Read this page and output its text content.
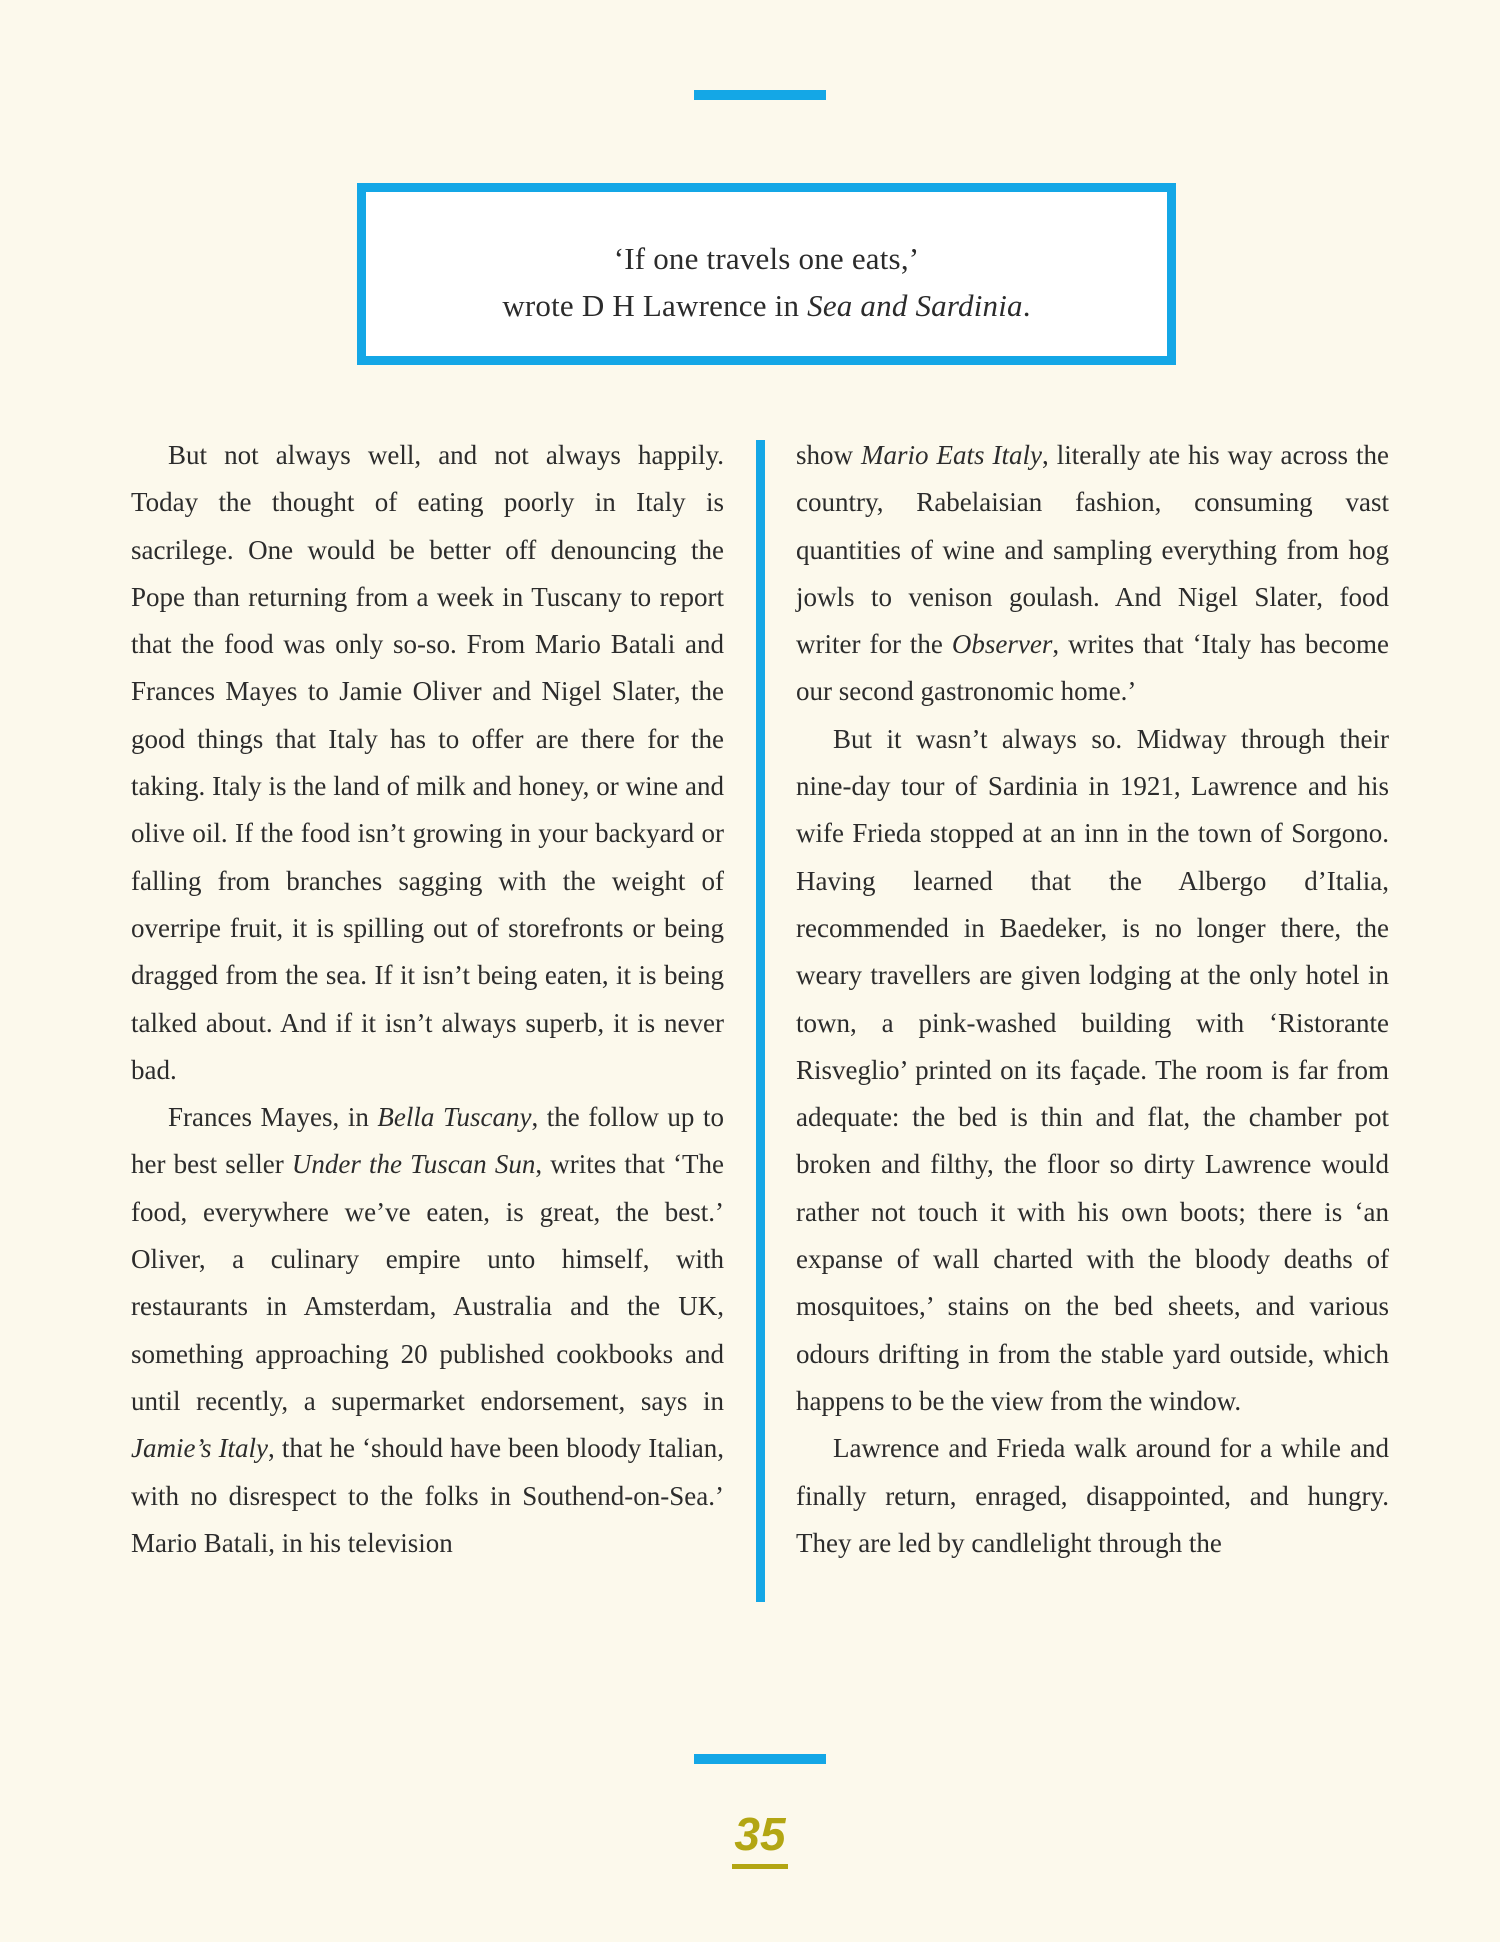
‘If one travels one eats,’
wrote D H Lawrence in Sea and Sardinia.

But not always well, and not always happily. Today the thought of eating poorly in Italy is sacrilege. One would be better off denouncing the Pope than returning from a week in Tuscany to report that the food was only so-so. From Mario Batali and Frances Mayes to Jamie Oliver and Nigel Slater, the good things that Italy has to offer are there for the taking. Italy is the land of milk and honey, or wine and olive oil. If the food isn’t growing in your backyard or falling from branches sagging with the weight of overripe fruit, it is spilling out of storefronts or being dragged from the sea. If it isn’t being eaten, it is being talked about. And if it isn’t always superb, it is never bad.

Frances Mayes, in Bella Tuscany, the follow up to her best seller Under the Tuscan Sun, writes that ‘The food, everywhere we’ve eaten, is great, the best.’ Oliver, a culinary empire unto himself, with restaurants in Amsterdam, Australia and the UK, something approaching 20 published cookbooks and until recently, a supermarket endorsement, says in Jamie’s Italy, that he ‘should have been bloody Italian, with no disrespect to the folks in Southend-on-Sea.’ Mario Batali, in his television

show Mario Eats Italy, literally ate his way across the country, Rabelaisian fashion, consuming vast quantities of wine and sampling everything from hog jowls to venison goulash. And Nigel Slater, food writer for the Observer, writes that ‘Italy has become our second gastronomic home.’

But it wasn’t always so. Midway through their nine-day tour of Sardinia in 1921, Lawrence and his wife Frieda stopped at an inn in the town of Sorgono. Having learned that the Albergo d’Italia, recommended in Baedeker, is no longer there, the weary travellers are given lodging at the only hotel in town, a pink-washed building with ‘Ristorante Risveglio’ printed on its façade. The room is far from adequate: the bed is thin and flat, the chamber pot broken and filthy, the floor so dirty Lawrence would rather not touch it with his own boots; there is ‘an expanse of wall charted with the bloody deaths of mosquitoes,’ stains on the bed sheets, and various odours drifting in from the stable yard outside, which happens to be the view from the window.

Lawrence and Frieda walk around for a while and finally return, enraged, disappointed, and hungry. They are led by candlelight through the

35
